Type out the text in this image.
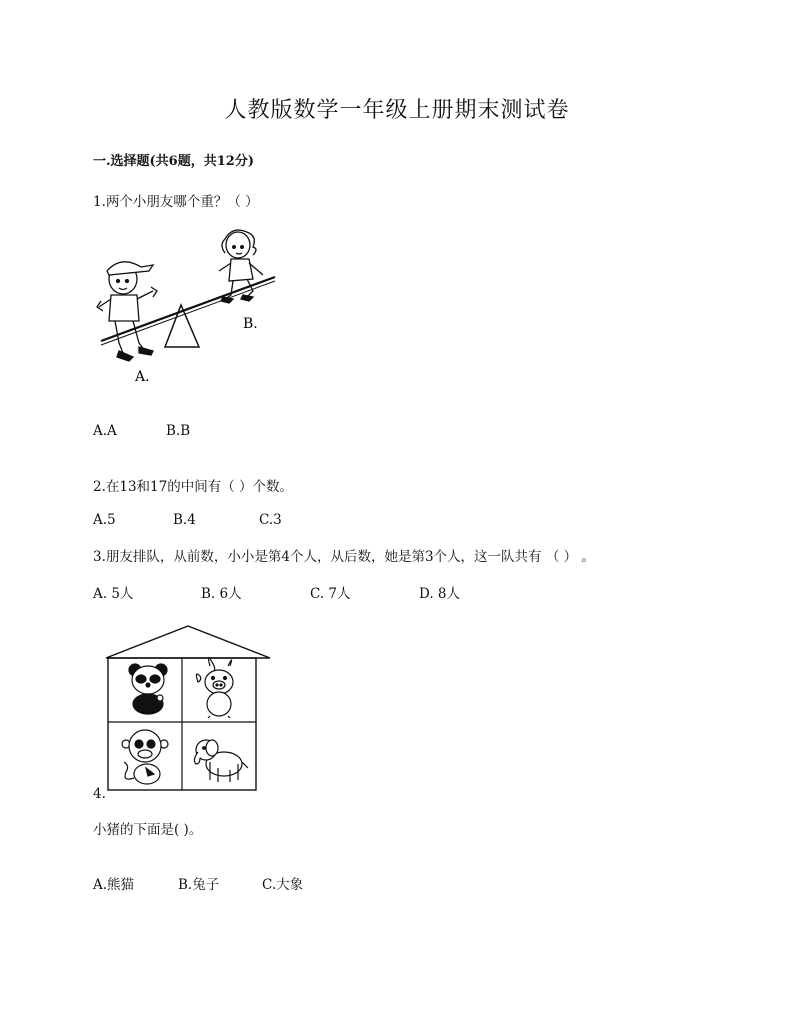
人教版数学一年级上册期末测试卷
一.选择题(共6题，共12分)
1.两个小朋友哪个重？（ ）
B.
A.
A.A	B.B
2.在13和17的中间有（ ）个数。
A.5	B.4	C.3
3.朋友排队，从前数，小小是第4个人，从后数，她是第3个人，这一队共有 （ ） 。
A. 5人	B. 6人	C. 7人	D. 8人
4.
小猪的下面是( )。
A.熊猫	B.兔子	C.大象
